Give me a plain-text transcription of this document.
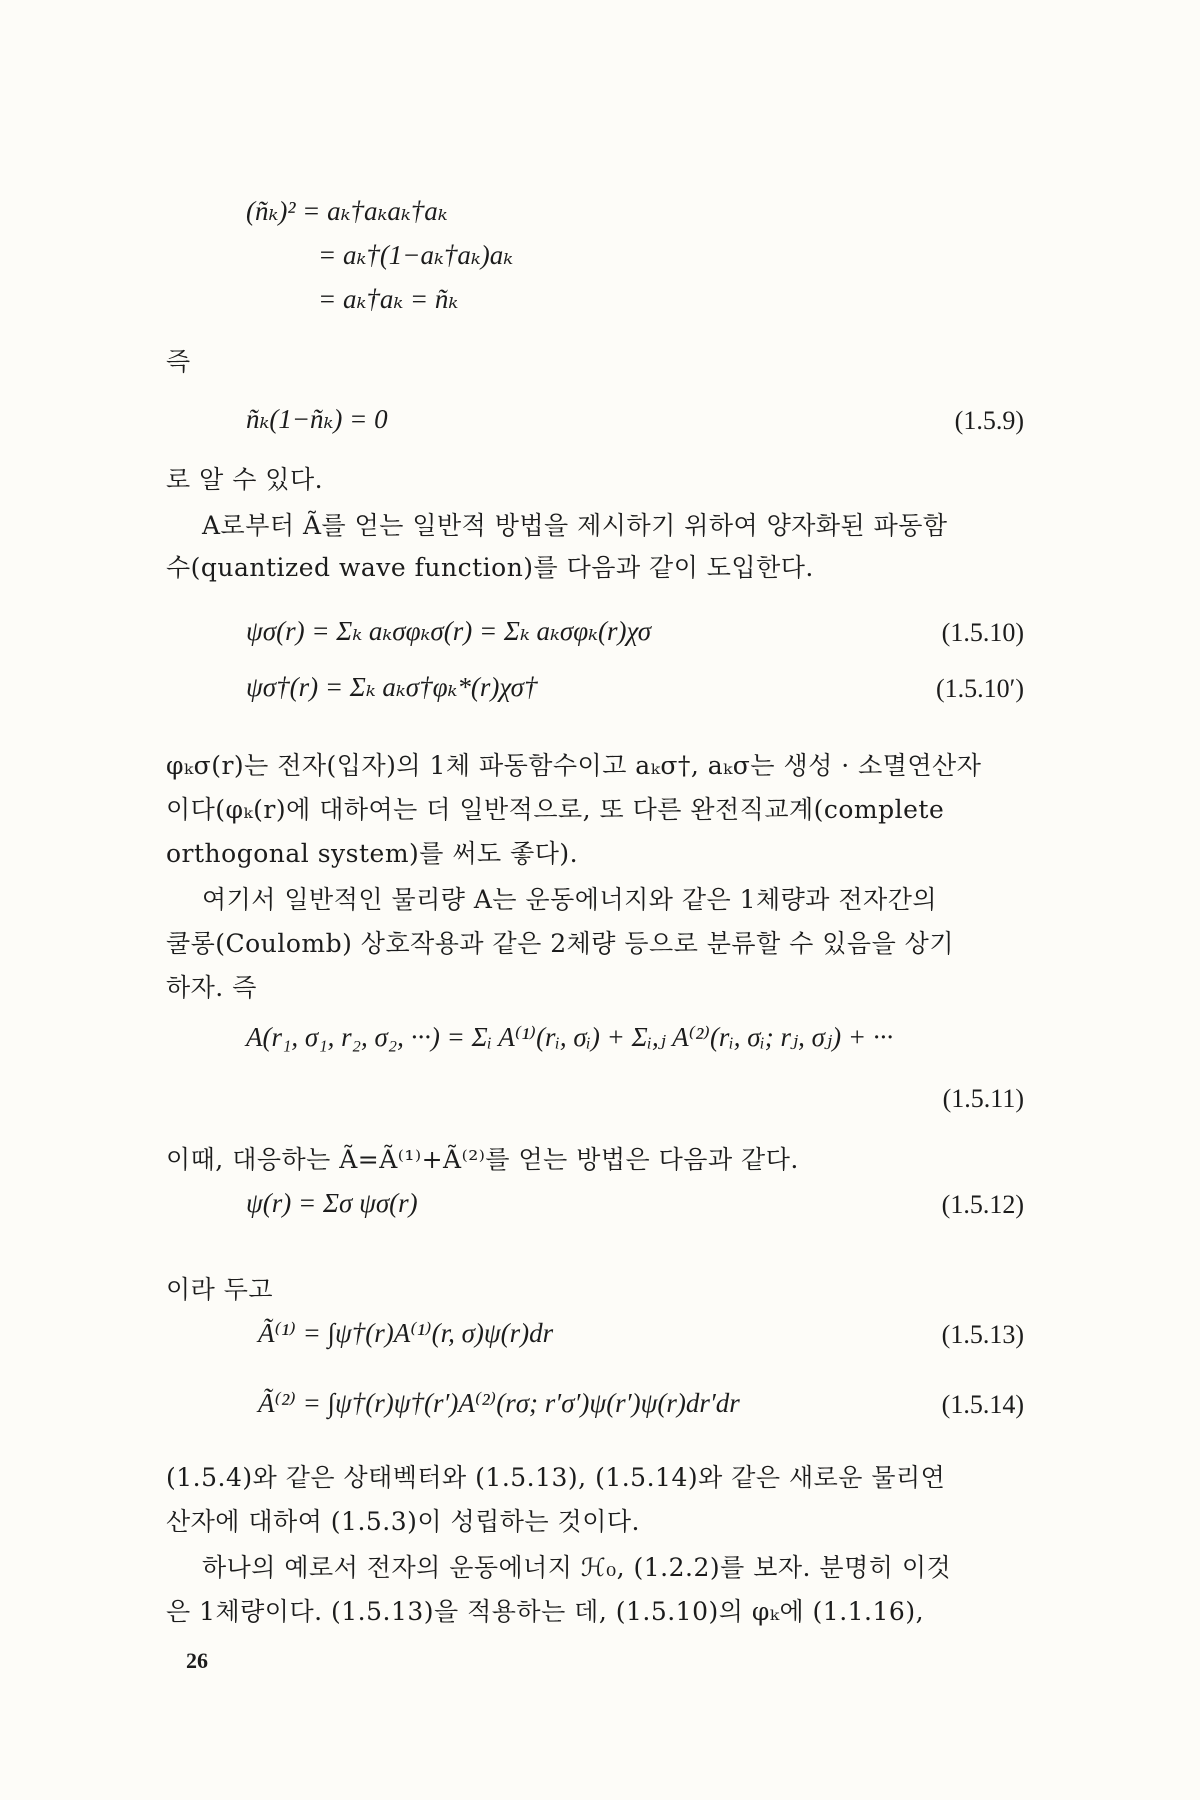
(ñₖ)² = aₖ†aₖaₖ†aₖ
= aₖ†(1−aₖ†aₖ)aₖ
= aₖ†aₖ = ñₖ
즉
ñₖ(1−ñₖ) = 0	(1.5.9)
로 알 수 있다.
A로부터 Ã를 얻는 일반적 방법을 제시하기 위하여 양자화된 파동함
수(quantized wave function)를 다음과 같이 도입한다.
ψσ(r) = Σₖ aₖσφₖσ(r) = Σₖ aₖσφₖ(r)χσ	(1.5.10)
ψσ†(r) = Σₖ aₖσ†φₖ*(r)χσ†	(1.5.10′)
φₖσ(r)는 전자(입자)의 1체 파동함수이고 aₖσ†, aₖσ는 생성 · 소멸연산자
이다(φₖ(r)에 대하여는 더 일반적으로, 또 다른 완전직교계(complete
orthogonal system)를 써도 좋다).
여기서 일반적인 물리량 A는 운동에너지와 같은 1체량과 전자간의
쿨롱(Coulomb) 상호작용과 같은 2체량 등으로 분류할 수 있음을 상기
하자. 즉
A(r₁, σ₁, r₂, σ₂, ···) = Σᵢ A⁽¹⁾(rᵢ, σᵢ) + Σᵢ,ⱼ A⁽²⁾(rᵢ, σᵢ; rⱼ, σⱼ) + ···
(1.5.11)
이때, 대응하는 Ã=Ã⁽¹⁾+Ã⁽²⁾를 얻는 방법은 다음과 같다.
ψ(r) = Σσ ψσ(r)	(1.5.12)
이라 두고
Ã⁽¹⁾ = ∫ψ†(r)A⁽¹⁾(r, σ)ψ(r)dr	(1.5.13)
Ã⁽²⁾ = ∫ψ†(r)ψ†(r′)A⁽²⁾(rσ; r′σ′)ψ(r′)ψ(r)dr′dr	(1.5.14)
(1.5.4)와 같은 상태벡터와 (1.5.13), (1.5.14)와 같은 새로운 물리연
산자에 대하여 (1.5.3)이 성립하는 것이다.
하나의 예로서 전자의 운동에너지 ℋ₀, (1.2.2)를 보자. 분명히 이것
은 1체량이다. (1.5.13)을 적용하는 데, (1.5.10)의 φₖ에 (1.1.16),
26
